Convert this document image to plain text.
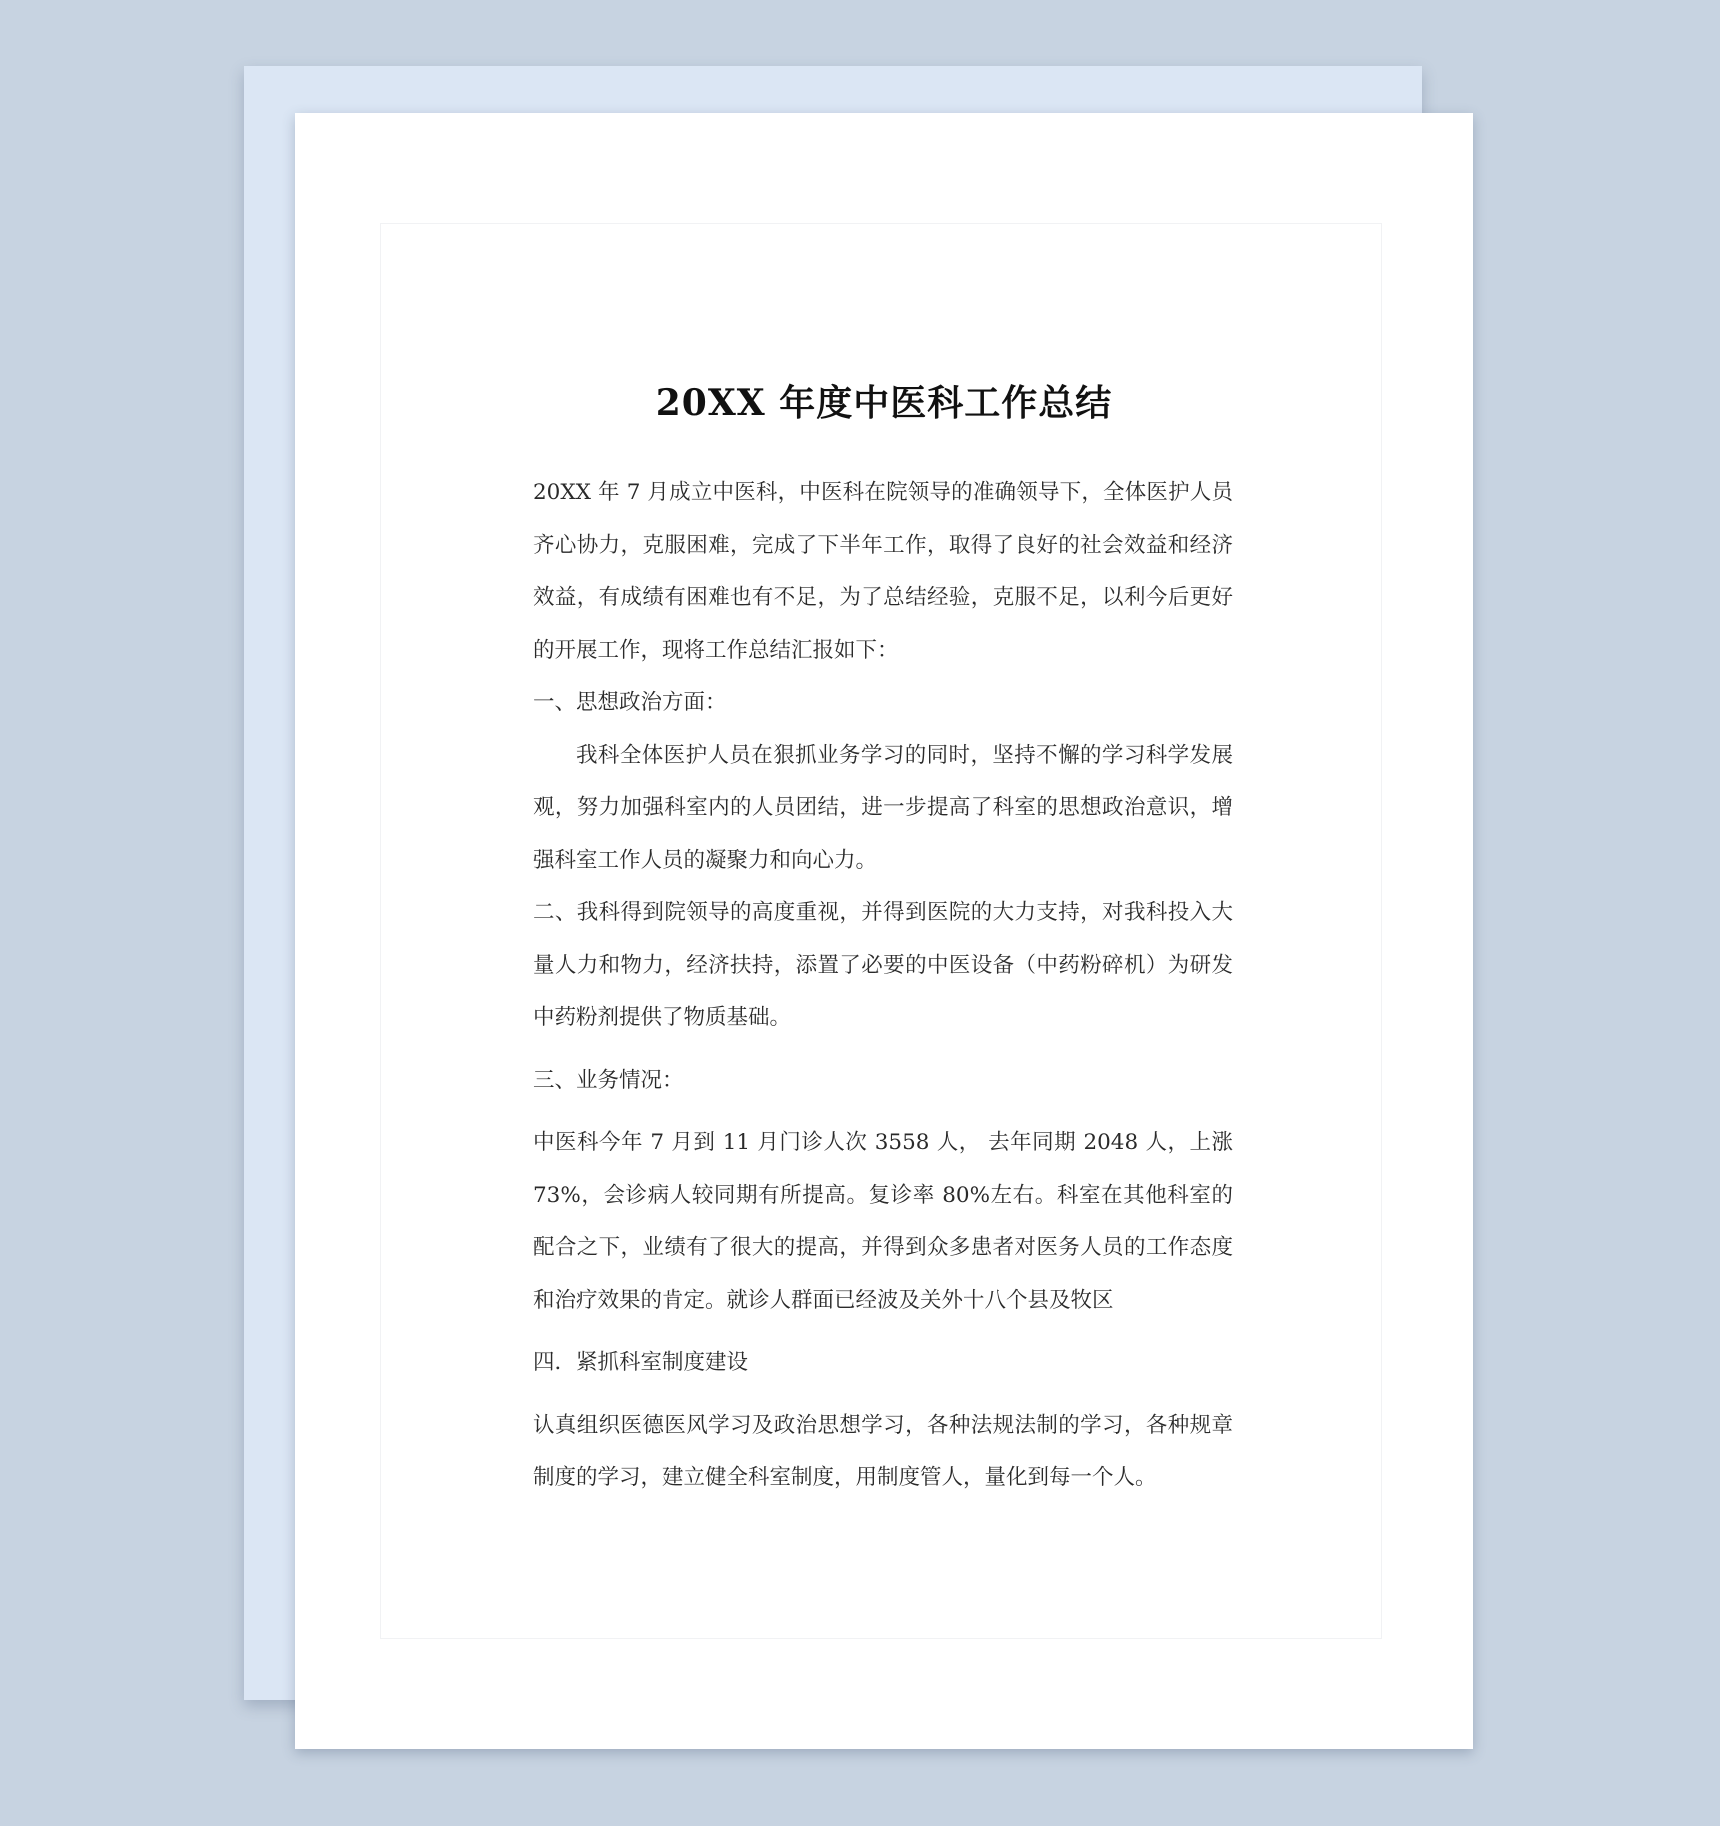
20XX 年度中医科工作总结

20XX 年 7 月成立中医科，中医科在院领导的准确领导下，全体医护人员齐心协力，克服困难，完成了下半年工作，取得了良好的社会效益和经济效益，有成绩有困难也有不足，为了总结经验，克服不足，以利今后更好的开展工作，现将工作总结汇报如下：

一、思想政治方面：

我科全体医护人员在狠抓业务学习的同时，坚持不懈的学习科学发展观，努力加强科室内的人员团结，进一步提高了科室的思想政治意识，增强科室工作人员的凝聚力和向心力。

二、我科得到院领导的高度重视，并得到医院的大力支持，对我科投入大量人力和物力，经济扶持，添置了必要的中医设备（中药粉碎机）为研发中药粉剂提供了物质基础。

三、业务情况：

中医科今年 7 月到 11 月门诊人次 3558 人， 去年同期 2048 人，上涨 73%，会诊病人较同期有所提高。复诊率 80%左右。科室在其他科室的配合之下，业绩有了很大的提高，并得到众多患者对医务人员的工作态度和治疗效果的肯定。就诊人群面已经波及关外十八个县及牧区

四．紧抓科室制度建设

认真组织医德医风学习及政治思想学习，各种法规法制的学习，各种规章制度的学习，建立健全科室制度，用制度管人，量化到每一个人。
